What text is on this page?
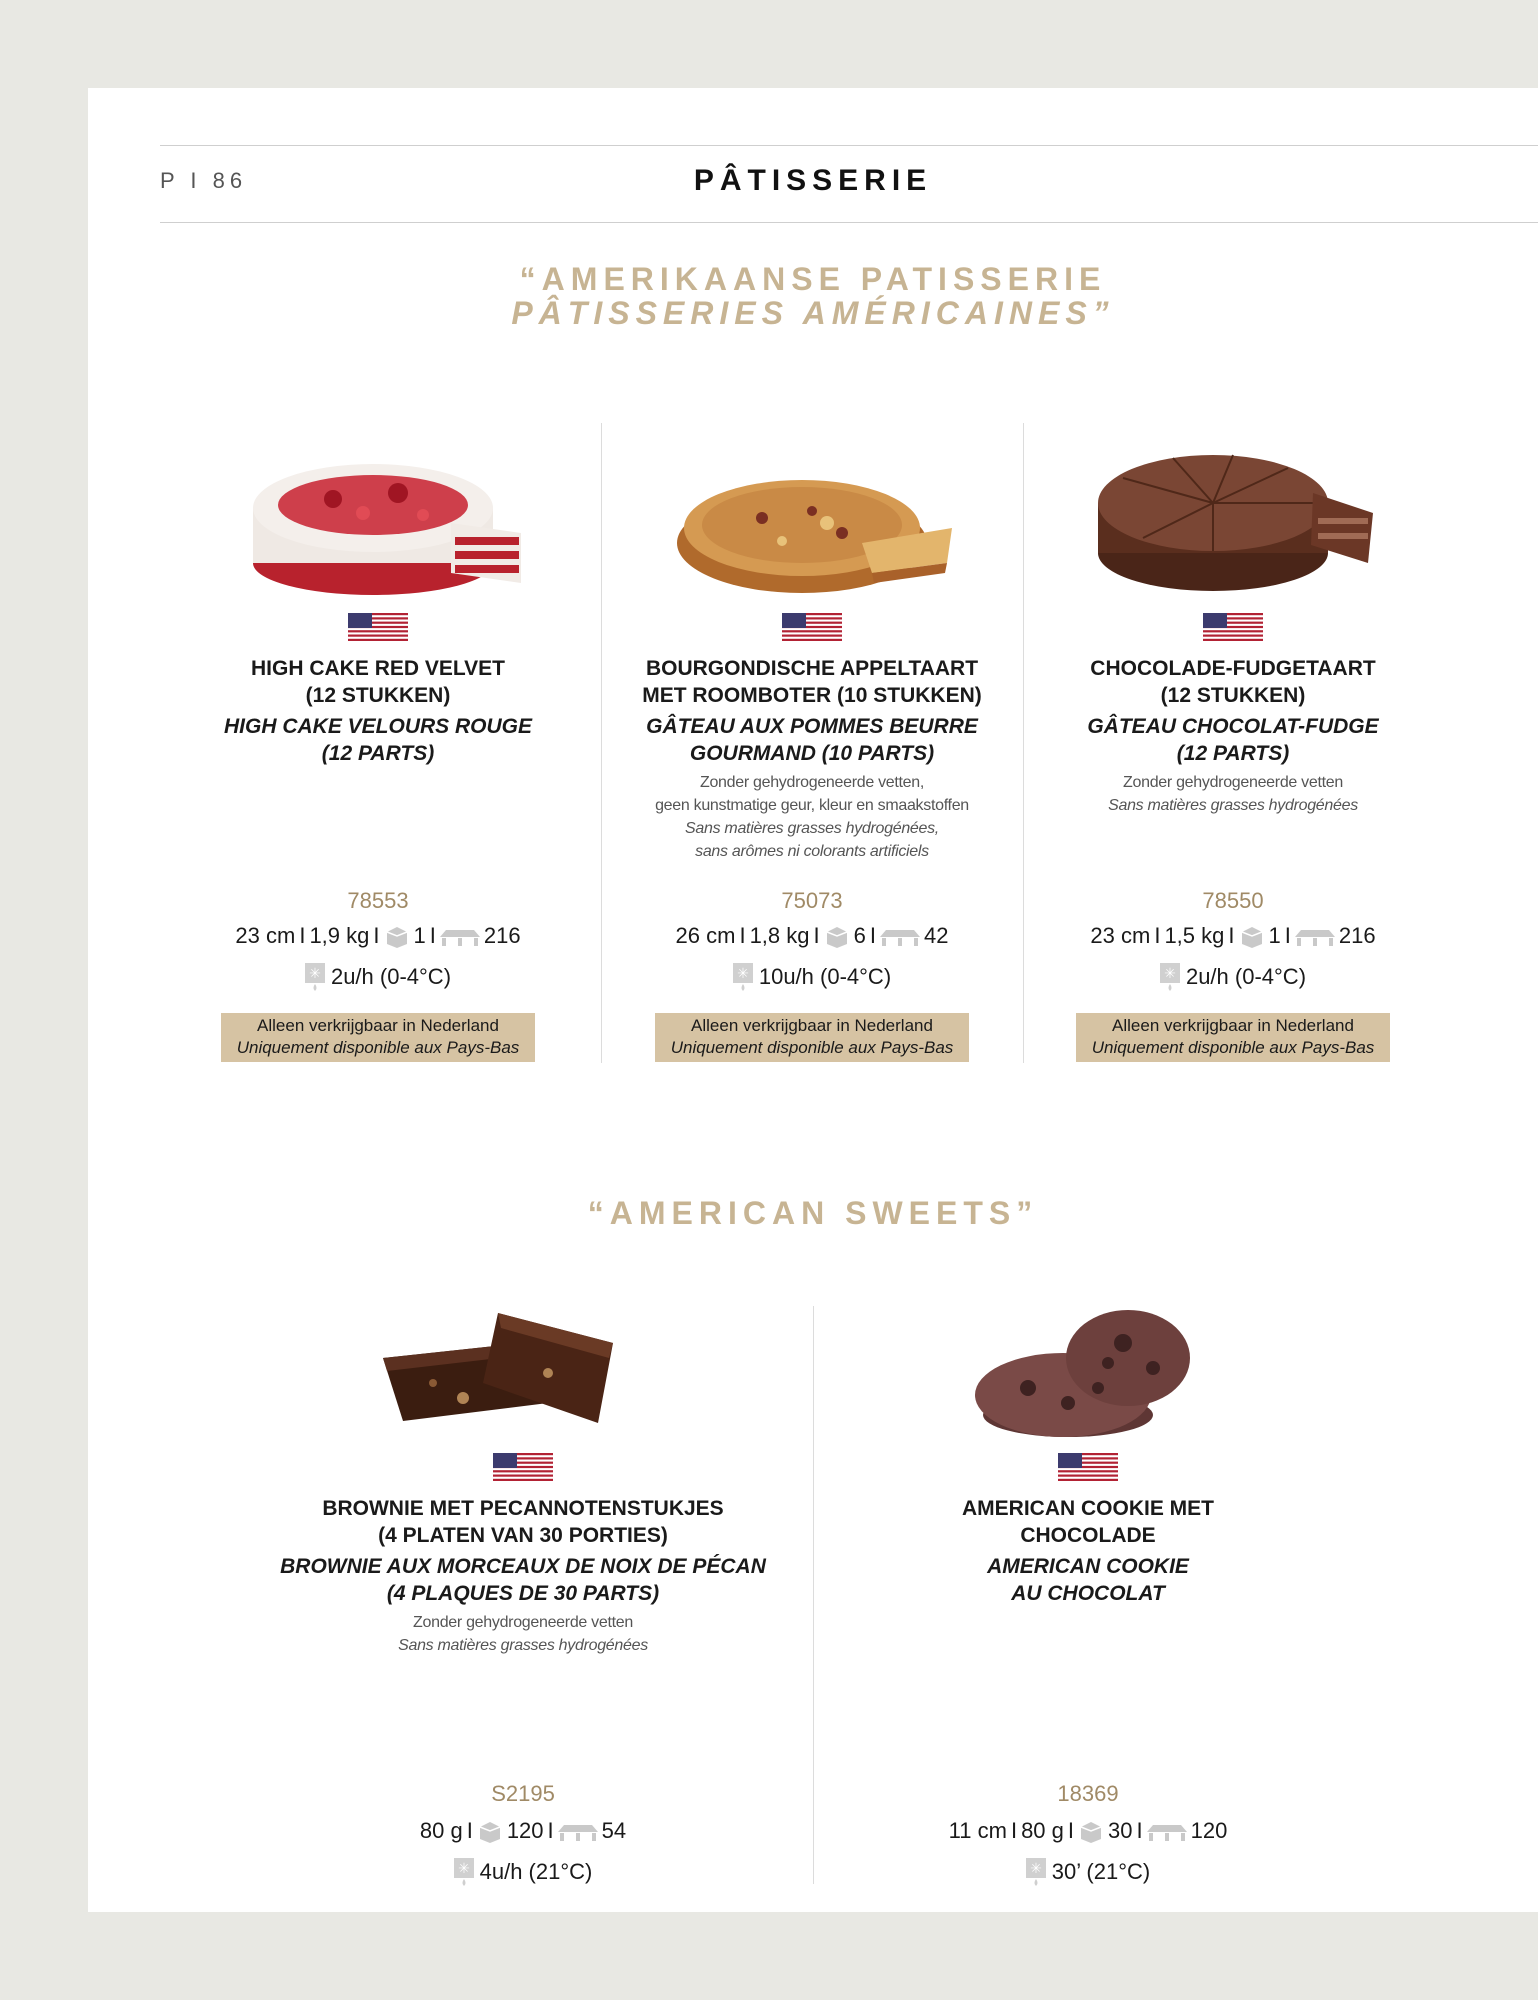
P I 86	PÂTISSERIE
“AMERIKAANSE PATISSERIE
PÂTISSERIES AMÉRICAINES”
HIGH CAKE RED VELVET
(12 STUKKEN)
HIGH CAKE VELOURS ROUGE
(12 PARTS)
78553
23 cm I 1,9 kg I 1 I 216
✳ 2u/h (0-4°C)
Alleen verkrijgbaar in Nederland
Uniquement disponible aux Pays-Bas
BOURGONDISCHE APPELTAART
MET ROOMBOTER (10 STUKKEN)
GÂTEAU AUX POMMES BEURRE
GOURMAND (10 PARTS)
Zonder gehydrogeneerde vetten,
geen kunstmatige geur, kleur en smaakstoffen
Sans matières grasses hydrogénées,
sans arômes ni colorants artificiels
75073
26 cm I 1,8 kg I 6 I 42
✳ 10u/h (0-4°C)
Alleen verkrijgbaar in Nederland
Uniquement disponible aux Pays-Bas
CHOCOLADE-FUDGETAART
(12 STUKKEN)
GÂTEAU CHOCOLAT-FUDGE
(12 PARTS)
Zonder gehydrogeneerde vetten
Sans matières grasses hydrogénées
78550
23 cm I 1,5 kg I 1 I 216
✳ 2u/h (0-4°C)
Alleen verkrijgbaar in Nederland
Uniquement disponible aux Pays-Bas
“AMERICAN SWEETS”
BROWNIE MET PECANNOTENSTUKJES
(4 PLATEN VAN 30 PORTIES)
BROWNIE AUX MORCEAUX DE NOIX DE PÉCAN
(4 PLAQUES DE 30 PARTS)
Zonder gehydrogeneerde vetten
Sans matières grasses hydrogénées
S2195
80 g I 120 I 54
✳ 4u/h (21°C)
AMERICAN COOKIE MET
CHOCOLADE
AMERICAN COOKIE
AU CHOCOLAT
18369
11 cm I 80 g I 30 I 120
✳ 30’ (21°C)
